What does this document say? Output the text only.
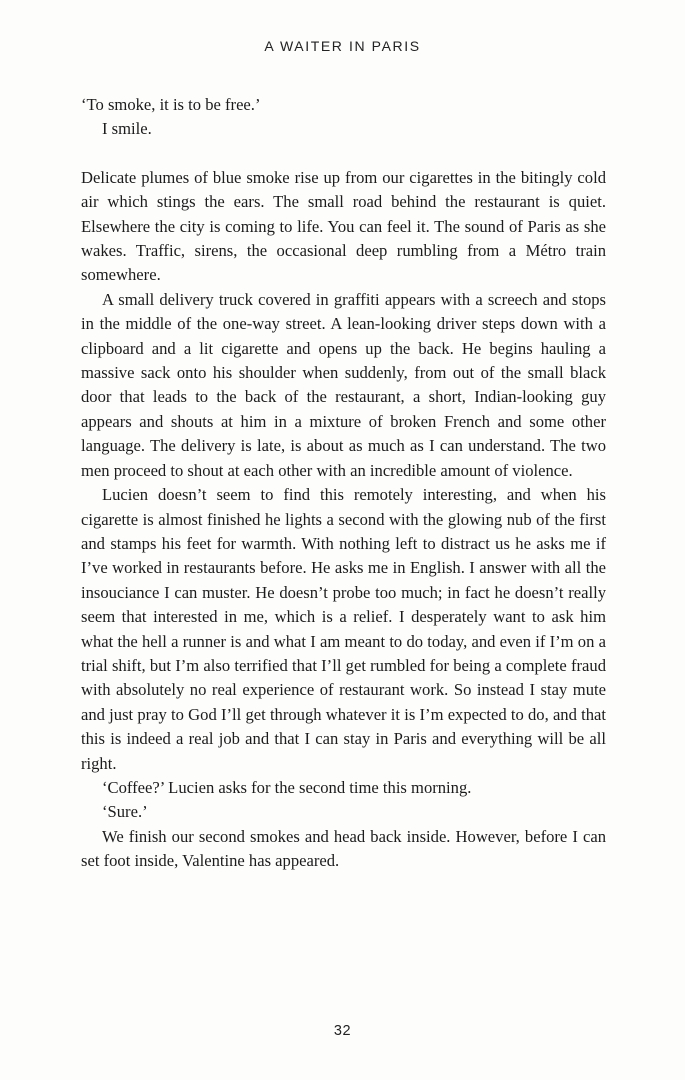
A WAITER IN PARIS

‘To smoke, it is to be free.’

I smile.

Delicate plumes of blue smoke rise up from our cigarettes in the bitingly cold air which stings the ears. The small road behind the restaurant is quiet. Elsewhere the city is coming to life. You can feel it. The sound of Paris as she wakes. Traffic, sirens, the occasional deep rumbling from a Métro train somewhere.

A small delivery truck covered in graffiti appears with a screech and stops in the middle of the one-way street. A lean-looking driver steps down with a clipboard and a lit cigarette and opens up the back. He begins hauling a massive sack onto his shoulder when suddenly, from out of the small black door that leads to the back of the restaurant, a short, Indian-looking guy appears and shouts at him in a mixture of broken French and some other language. The delivery is late, is about as much as I can understand. The two men proceed to shout at each other with an incredible amount of violence.

Lucien doesn’t seem to find this remotely interesting, and when his cigarette is almost finished he lights a second with the glowing nub of the first and stamps his feet for warmth. With nothing left to distract us he asks me if I’ve worked in restaurants before. He asks me in English. I answer with all the insouciance I can muster. He doesn’t probe too much; in fact he doesn’t really seem that interested in me, which is a relief. I desperately want to ask him what the hell a runner is and what I am meant to do today, and even if I’m on a trial shift, but I’m also terrified that I’ll get rumbled for being a complete fraud with absolutely no real experience of restaurant work. So instead I stay mute and just pray to God I’ll get through whatever it is I’m expected to do, and that this is indeed a real job and that I can stay in Paris and everything will be all right.

‘Coffee?’ Lucien asks for the second time this morning.

‘Sure.’

We finish our second smokes and head back inside. However, before I can set foot inside, Valentine has appeared.

32
